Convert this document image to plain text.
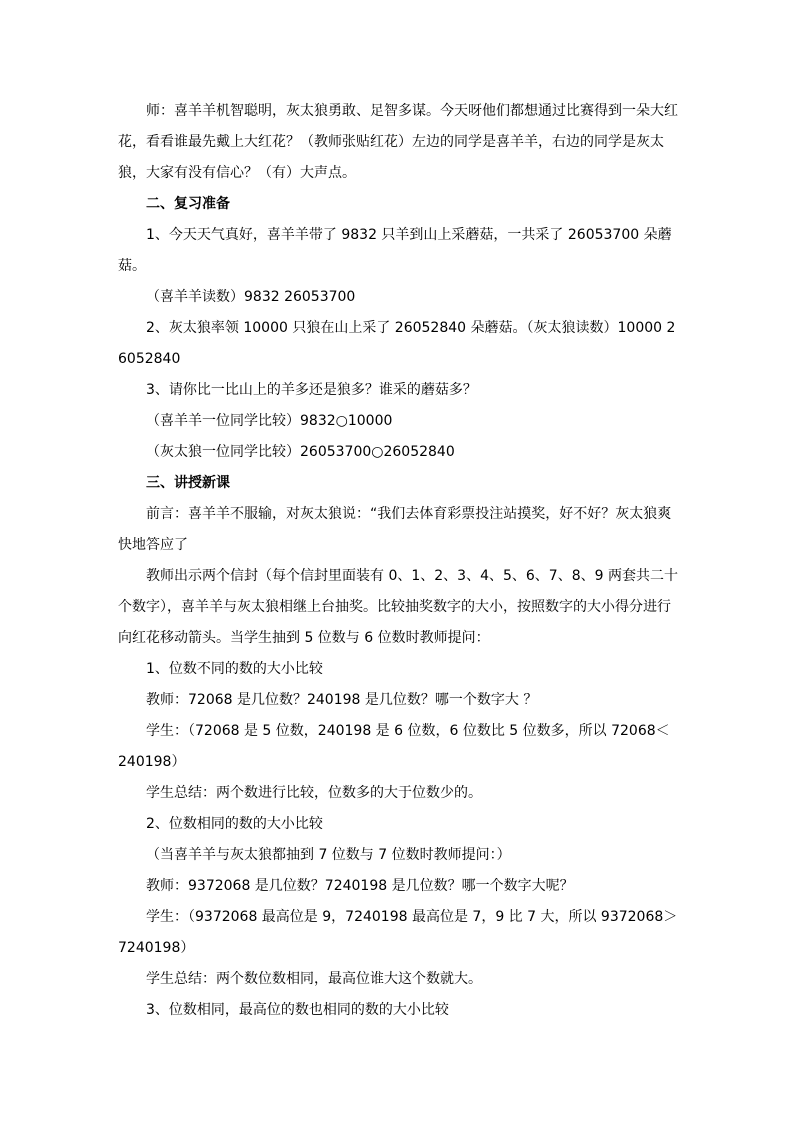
师：喜羊羊机智聪明，灰太狼勇敢、足智多谋。今天呀他们都想通过比赛得到一朵大红花，看看谁最先戴上大红花？（教师张贴红花）左边的同学是喜羊羊，右边的同学是灰太狼，大家有没有信心？（有）大声点。

二、复习准备

1、今天天气真好，喜羊羊带了 9832 只羊到山上采蘑菇，一共采了 26053700 朵蘑菇。

（喜羊羊读数）9832 26053700

2、灰太狼率领 10000 只狼在山上采了 26052840 朵蘑菇。（灰太狼读数）10000 26052840

3、请你比一比山上的羊多还是狼多？谁采的蘑菇多？

（喜羊羊一位同学比较）9832○10000

（灰太狼一位同学比较）26053700○26052840

三、讲授新课

前言：喜羊羊不服输，对灰太狼说：“我们去体育彩票投注站摸奖，好不好？灰太狼爽快地答应了

教师出示两个信封（每个信封里面装有 0、1、2、3、4、5、6、7、8、9 两套共二十个数字），喜羊羊与灰太狼相继上台抽奖。比较抽奖数字的大小，按照数字的大小得分进行向红花移动箭头。当学生抽到 5 位数与 6 位数时教师提问：

1、位数不同的数的大小比较

教师：72068 是几位数？240198 是几位数？哪一个数字大 ？

学生：（72068 是 5 位数，240198 是 6 位数，6 位数比 5 位数多，所以 72068＜240198）

学生总结：两个数进行比较，位数多的大于位数少的。

2、位数相同的数的大小比较

（当喜羊羊与灰太狼都抽到 7 位数与 7 位数时教师提问：）

教师：9372068 是几位数？7240198 是几位数？哪一个数字大呢？

学生：（9372068 最高位是 9，7240198 最高位是 7，9 比 7 大，所以 9372068＞7240198）

学生总结：两个数位数相同，最高位谁大这个数就大。

3、位数相同，最高位的数也相同的数的大小比较
